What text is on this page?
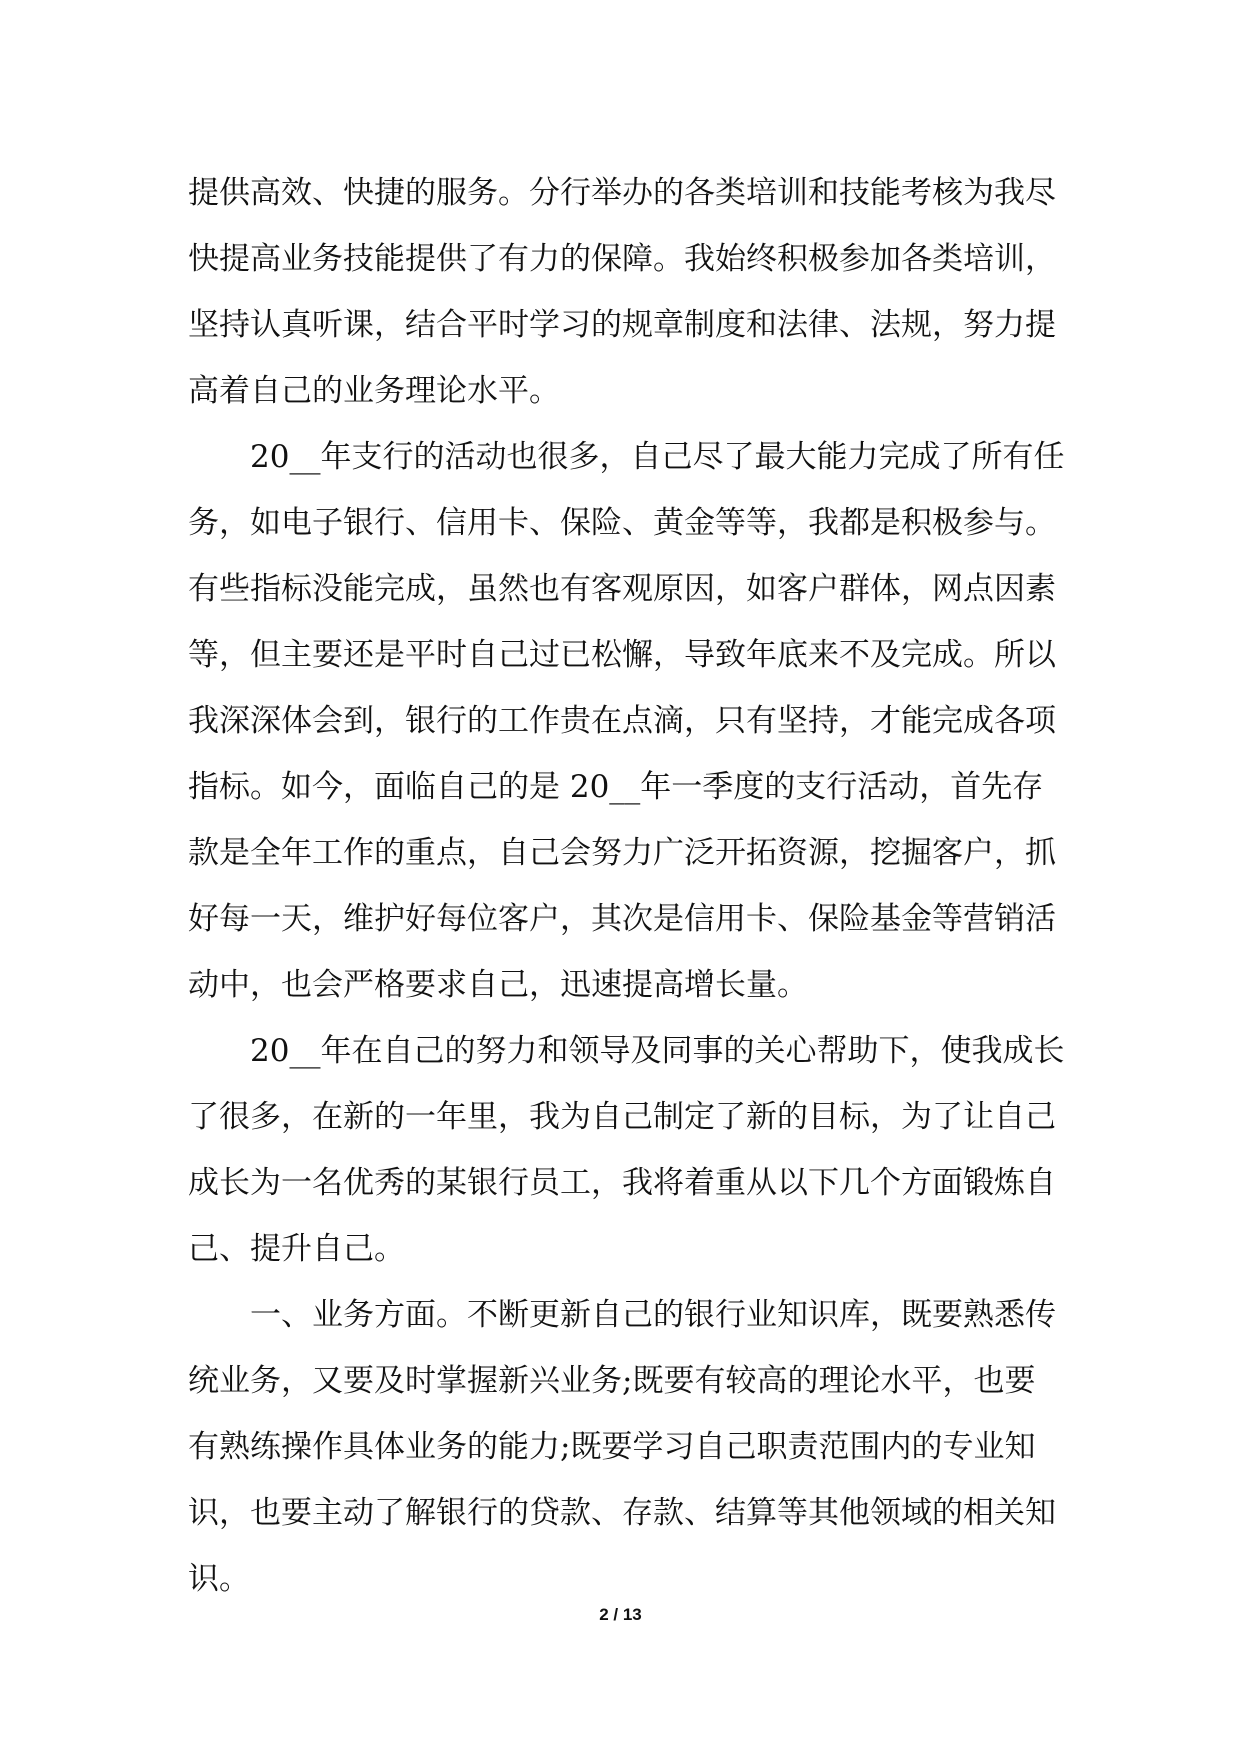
提供高效、快捷的服务。分行举办的各类培训和技能考核为我尽
快提高业务技能提供了有力的保障。我始终积极参加各类培训，
坚持认真听课，结合平时学习的规章制度和法律、法规，努力提
高着自己的业务理论水平。
20__年支行的活动也很多，自己尽了最大能力完成了所有任
务，如电子银行、信用卡、保险、黄金等等，我都是积极参与。
有些指标没能完成，虽然也有客观原因，如客户群体，网点因素
等，但主要还是平时自己过已松懈，导致年底来不及完成。所以
我深深体会到，银行的工作贵在点滴，只有坚持，才能完成各项
指标。如今，面临自己的是 20__年一季度的支行活动，首先存
款是全年工作的重点，自己会努力广泛开拓资源，挖掘客户，抓
好每一天，维护好每位客户，其次是信用卡、保险基金等营销活
动中，也会严格要求自己，迅速提高增长量。
20__年在自己的努力和领导及同事的关心帮助下，使我成长
了很多，在新的一年里，我为自己制定了新的目标，为了让自己
成长为一名优秀的某银行员工，我将着重从以下几个方面锻炼自
己、提升自己。
一、业务方面。不断更新自己的银行业知识库，既要熟悉传
统业务，又要及时掌握新兴业务;既要有较高的理论水平，也要
有熟练操作具体业务的能力;既要学习自己职责范围内的专业知
识，也要主动了解银行的贷款、存款、结算等其他领域的相关知
识。
2 / 13
